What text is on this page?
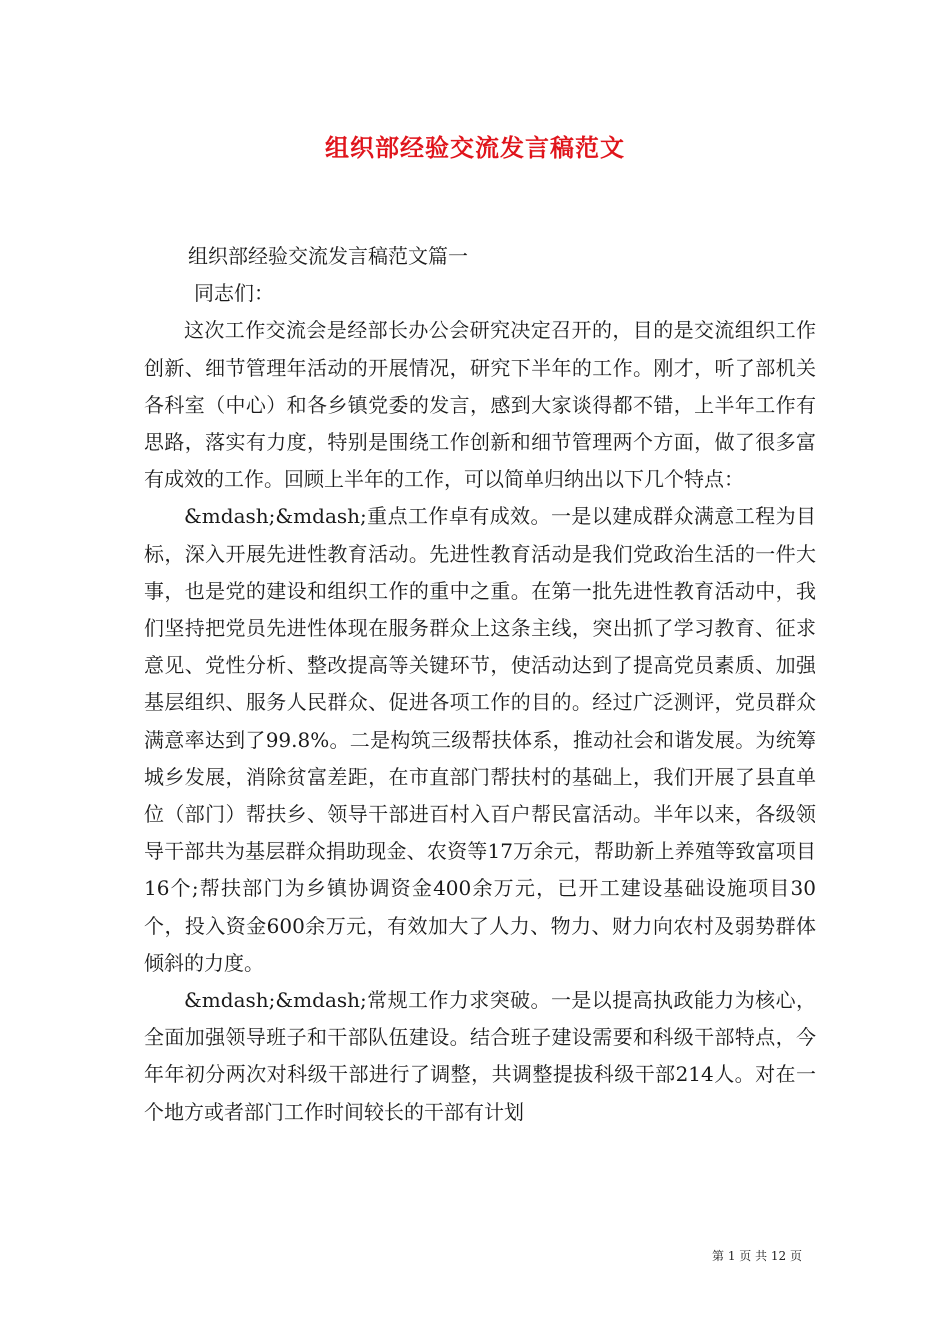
组织部经验交流发言稿范文

组织部经验交流发言稿范文篇一

同志们：

这次工作交流会是经部长办公会研究决定召开的，目的是交流组织工作创新、细节管理年活动的开展情况，研究下半年的工作。刚才，听了部机关各科室（中心）和各乡镇党委的发言，感到大家谈得都不错，上半年工作有思路，落实有力度，特别是围绕工作创新和细节管理两个方面，做了很多富有成效的工作。回顾上半年的工作，可以简单归纳出以下几个特点：

&mdash;&mdash;重点工作卓有成效。一是以建成群众满意工程为目标，深入开展先进性教育活动。先进性教育活动是我们党政治生活的一件大事，也是党的建设和组织工作的重中之重。在第一批先进性教育活动中，我们坚持把党员先进性体现在服务群众上这条主线，突出抓了学习教育、征求意见、党性分析、整改提高等关键环节，使活动达到了提高党员素质、加强基层组织、服务人民群众、促进各项工作的目的。经过广泛测评，党员群众满意率达到了99.8%。二是构筑三级帮扶体系，推动社会和谐发展。为统筹城乡发展，消除贫富差距，在市直部门帮扶村的基础上，我们开展了县直单位（部门）帮扶乡、领导干部进百村入百户帮民富活动。半年以来，各级领导干部共为基层群众捐助现金、农资等17万余元，帮助新上养殖等致富项目16个;帮扶部门为乡镇协调资金400余万元，已开工建设基础设施项目30个，投入资金600余万元，有效加大了人力、物力、财力向农村及弱势群体倾斜的力度。

&mdash;&mdash;常规工作力求突破。一是以提高执政能力为核心，全面加强领导班子和干部队伍建设。结合班子建设需要和科级干部特点，今年年初分两次对科级干部进行了调整，共调整提拔科级干部214人。对在一个地方或者部门工作时间较长的干部有计划

第 1 页 共 12 页
